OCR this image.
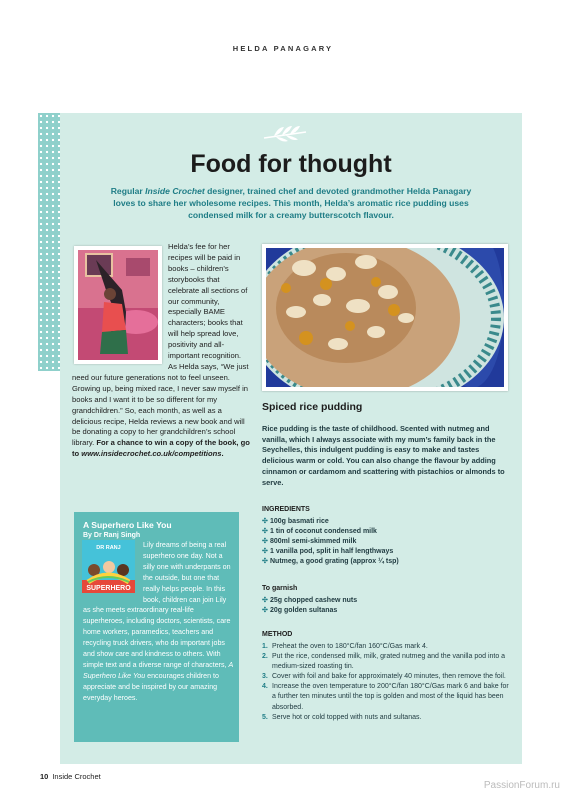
HELDA PANAGARY
Food for thought
Regular Inside Crochet designer, trained chef and devoted grandmother Helda Panagary loves to share her wholesome recipes. This month, Helda’s aromatic rice pudding uses condensed milk for a creamy butterscotch flavour.
Helda’s fee for her recipes will be paid in books – children’s storybooks that celebrate all sections of our community, especially BAME characters; books that will help spread love, positivity and all-important recognition. As Helda says, “We just need our future generations not to feel unseen. Growing up, being mixed race, I never saw myself in books and I want it to be so different for my grandchildren.” So, each month, as well as a delicious recipe, Helda reviews a new book and will be donating a copy to her grandchildren’s school library. For a chance to win a copy of the book, go to www.insidecrochet.co.uk/competitions.
A Superhero Like You
By Dr Ranj Singh
Lily dreams of being a real superhero one day. Not a silly one with underpants on the outside, but one that really helps people. In this book, children can join Lily as she meets extraordinary real-life superheroes, including doctors, scientists, care home workers, paramedics, teachers and recycling truck drivers, who do important jobs and show care and kindness to others. With simple text and a diverse range of characters, A Superhero Like You encourages children to appreciate and be inspired by our amazing everyday heroes.
DR RANJ
SUPERHERO
Spiced rice pudding
Rice pudding is the taste of childhood. Scented with nutmeg and vanilla, which I always associate with my mum’s family back in the Seychelles, this indulgent pudding is easy to make and tastes delicious warm or cold. You can also change the flavour by adding cinnamon or cardamom and scattering with pistachios or almonds to serve.
INGREDIENTS
✣ 100g basmati rice
✣ 1 tin of coconut condensed milk
✣ 800ml semi-skimmed milk
✣ 1 vanilla pod, split in half lengthways
✣ Nutmeg, a good grating (approx ¼ tsp)
To garnish
✣ 25g chopped cashew nuts
✣ 20g golden sultanas
METHOD
1. Preheat the oven to 180°C/fan 160°C/Gas mark 4.
2. Put the rice, condensed milk, milk, grated nutmeg and the vanilla pod into a medium-sized roasting tin.
3. Cover with foil and bake for approximately 40 minutes, then remove the foil.
4. Increase the oven temperature to 200°C/fan 180°C/Gas mark 6 and bake for a further ten minutes until the top is golden and most of the liquid has been absorbed.
5. Serve hot or cold topped with nuts and sultanas.
10 Inside Crochet
PassionForum.ru
